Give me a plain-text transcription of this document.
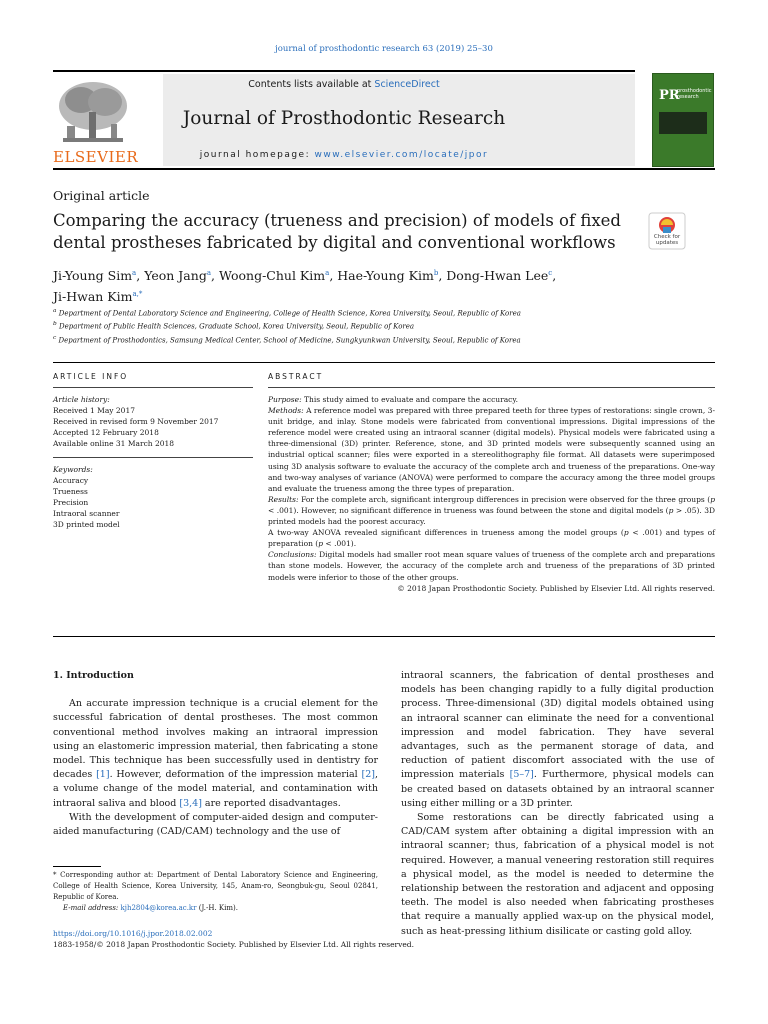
journal of prosthodontic research 63 (2019) 25–30
ELSEVIER
Contents lists available at ScienceDirect
Journal of Prosthodontic Research
journal homepage: www.elsevier.com/locate/jpor
PR
prosthodontic research
Original article
Comparing the accuracy (trueness and precision) of models of fixed dental prostheses fabricated by digital and conventional workflows	Check for
updates
Ji-Young Sim$^a$, Yeon Jang$^a$, Woong-Chul Kim$^a$, Hae-Young Kim$^b$, Dong-Hwan Lee$^c$,
Ji-Hwan Kim$^{a,*}$
$^a$ Department of Dental Laboratory Science and Engineering, College of Health Science, Korea University, Seoul, Republic of Korea
$^b$ Department of Public Health Sciences, Graduate School, Korea University, Seoul, Republic of Korea
$^c$ Department of Prosthodontics, Samsung Medical Center, School of Medicine, Sungkyunkwan University, Seoul, Republic of Korea
ARTICLE INFO	ABSTRACT
Article history:
Received 1 May 2017
Received in revised form 9 November 2017
Accepted 12 February 2018
Available online 31 March 2018
Keywords:
Accuracy
Trueness
Precision
Intraoral scanner
3D printed model

Purpose: This study aimed to evaluate and compare the accuracy.

Methods: A reference model was prepared with three prepared teeth for three types of restorations: single crown, 3-unit bridge, and inlay. Stone models were fabricated from conventional impressions. Digital impressions of the reference model were created using an intraoral scanner (digital models). Physical models were fabricated using a three-dimensional (3D) printer. Reference, stone, and 3D printed models were subsequently scanned using an industrial optical scanner; files were exported in a stereolithography file format. All datasets were superimposed using 3D analysis software to evaluate the accuracy of the complete arch and trueness of the preparations. One-way and two-way analyses of variance (ANOVA) were performed to compare the accuracy among the three model groups and evaluate the trueness among the three types of preparation.

Results: For the complete arch, significant intergroup differences in precision were observed for the three groups (p < .001). However, no significant difference in trueness was found between the stone and digital models (p > .05). 3D printed models had the poorest accuracy.

A two-way ANOVA revealed significant differences in trueness among the model groups (p < .001) and types of preparation (p < .001).

Conclusions: Digital models had smaller root mean square values of trueness of the complete arch and preparations than stone models. However, the accuracy of the complete arch and trueness of the preparations of 3D printed models were inferior to those of the other groups.

© 2018 Japan Prosthodontic Society. Published by Elsevier Ltd. All rights reserved.

1. Introduction

An accurate impression technique is a crucial element for the successful fabrication of dental prostheses. The most common conventional method involves making an intraoral impression using an elastomeric impression material, then fabricating a stone model. This technique has been successfully used in dentistry for decades [1]. However, deformation of the impression material [2], a volume change of the model material, and contamination with intraoral saliva and blood [3,4] are reported disadvantages.

With the development of computer-aided design and computer-aided manufacturing (CAD/CAM) technology and the use of

* Corresponding author at: Department of Dental Laboratory Science and Engineering, College of Health Science, Korea University, 145, Anam-ro, Seongbuk-gu, Seoul 02841, Republic of Korea.

E-mail address: kjh2804@korea.ac.kr (J.-H. Kim).

https://doi.org/10.1016/j.jpor.2018.02.002
1883-1958/© 2018 Japan Prosthodontic Society. Published by Elsevier Ltd. All rights reserved.

intraoral scanners, the fabrication of dental prostheses and models has been changing rapidly to a fully digital production process. Three-dimensional (3D) digital models obtained using an intraoral scanner can eliminate the need for a conventional impression and model fabrication. They have several advantages, such as the permanent storage of data, and reduction of patient discomfort associated with the use of impression materials [5–7]. Furthermore, physical models can be created based on datasets obtained by an intraoral scanner using either milling or a 3D printer.

Some restorations can be directly fabricated using a CAD/CAM system after obtaining a digital impression with an intraoral scanner; thus, fabrication of a physical model is not required. However, a manual veneering restoration still requires a physical model, as the model is needed to determine the relationship between the restoration and adjacent and opposing teeth. The model is also needed when fabricating prostheses that require a manually applied wax-up on the physical model, such as heat-pressing lithium disilicate or casting gold alloy.
